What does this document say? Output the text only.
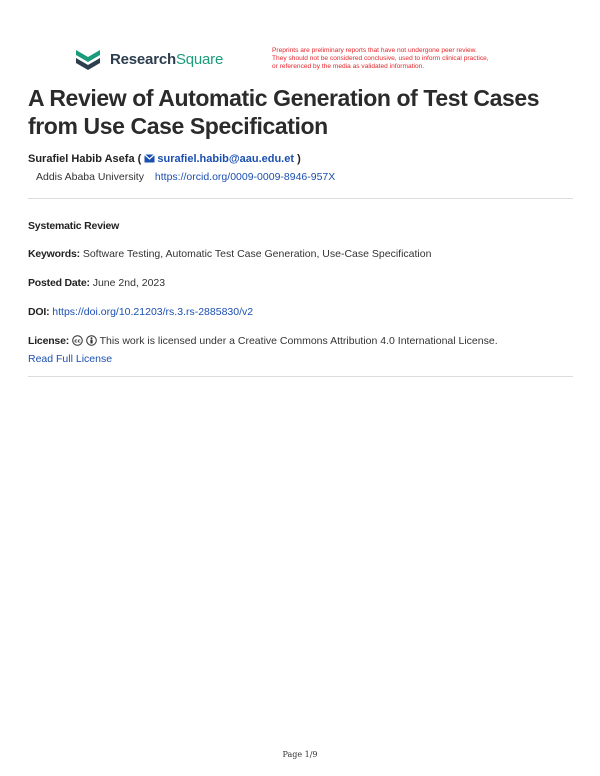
ResearchSquare	Preprints are preliminary reports that have not undergone peer review.
They should not be considered conclusive, used to inform clinical practice,
or referenced by the media as validated information.
A Review of Automatic Generation of Test Cases from Use Case Specification
Surafiel Habib Asefa ( surafiel.habib@aau.edu.et )
Addis Ababa University https://orcid.org/0009-0009-8946-957X
Systematic Review
Keywords: Software Testing, Automatic Test Case Generation, Use-Case Specification
Posted Date: June 2nd, 2023
DOI: https://doi.org/10.21203/rs.3.rs-2885830/v2
License: cc This work is licensed under a Creative Commons Attribution 4.0 International License.
Read Full License
Page 1/9
